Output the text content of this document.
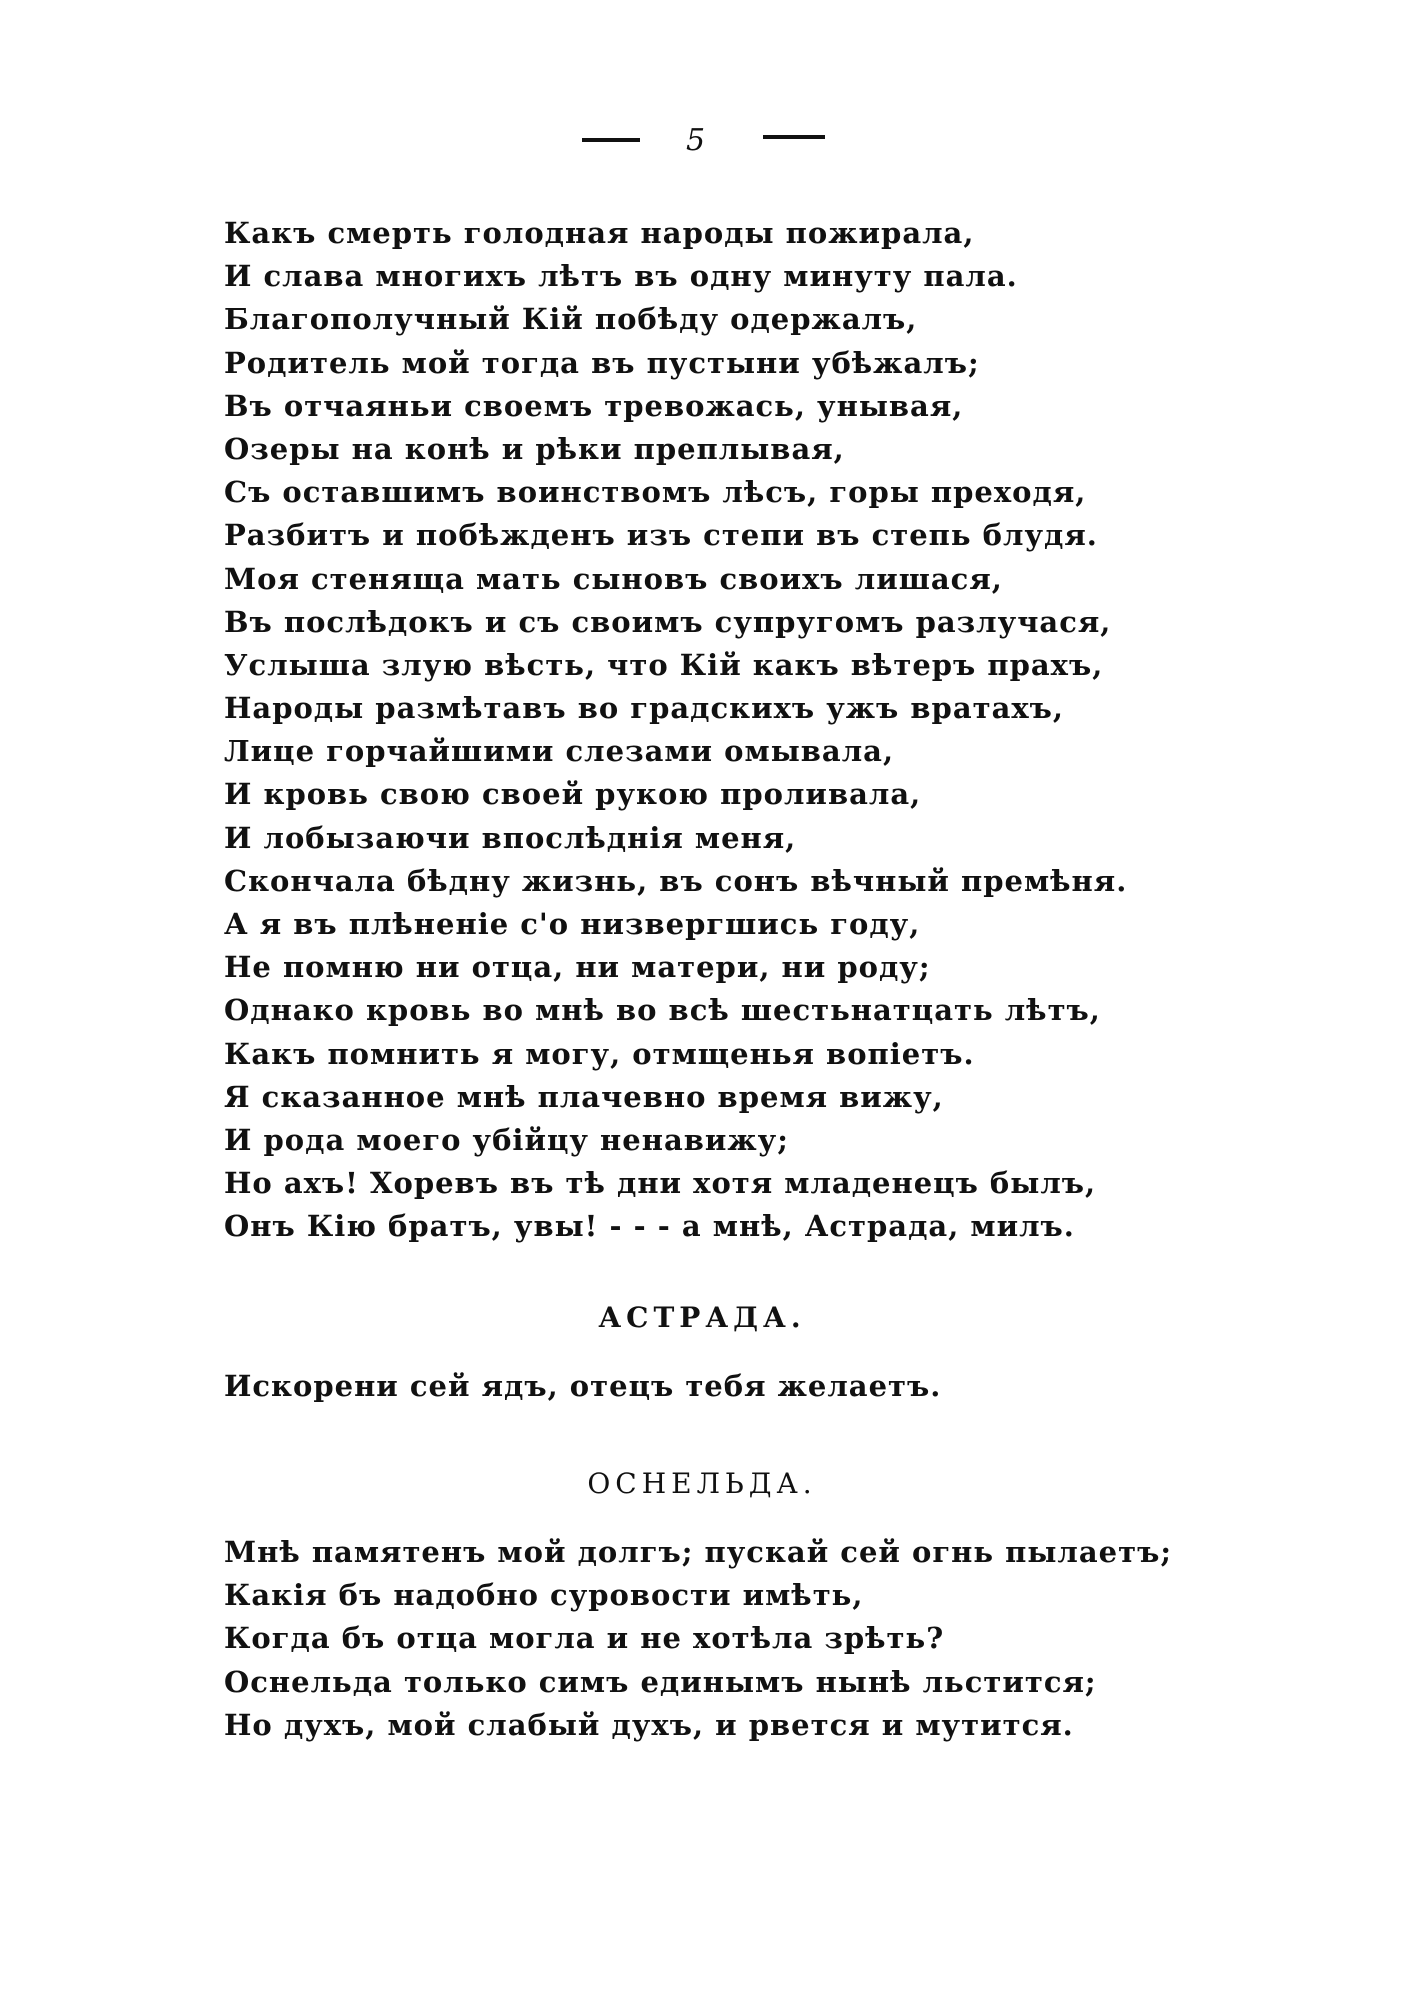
5
Какъ смерть голодная народы пожирала,
И слава многихъ лѣтъ въ одну минуту пала.
Благополучный Кій побѣду одержалъ,
Родитель мой тогда въ пустыни убѣжалъ;
Въ отчаяньи своемъ тревожась, унывая,
Озеры на конѣ и рѣки преплывая,
Съ оставшимъ воинствомъ лѣсъ, горы преходя,
Разбитъ и побѣжденъ изъ степи въ степь блудя.
Моя стеняща мать сыновъ своихъ лишася,
Въ послѣдокъ и съ своимъ супругомъ разлучася,
Услыша злую вѣсть, что Кій какъ вѣтеръ прахъ,
Народы размѣтавъ во градскихъ ужъ вратахъ,
Лице горчайшими слезами омывала,
И кровь свою своей рукою проливала,
И лобызаючи впослѣднія меня,
Скончала бѣдну жизнь, въ сонъ вѣчный премѣня.
А я въ плѣненіе с'о низвергшись году,
Не помню ни отца, ни матери, ни роду;
Однако кровь во мнѣ во всѣ шестьнатцать лѣтъ,
Какъ помнить я могу, отмщенья вопіетъ.
Я сказанное мнѣ плачевно время вижу,
И рода моего убійцу ненавижу;
Но ахъ! Хоревъ въ тѣ дни хотя младенецъ былъ,
Онъ Кію братъ, увы! - - - а мнѣ, Астрада, милъ.
АСТРАДА.
Искорени сей ядъ, отецъ тебя желаетъ.
ОСНЕЛЬДА.
Мнѣ памятенъ мой долгъ; пускай сей огнь пылаетъ;
Какія бъ надобно суровости имѣть,
Когда бъ отца могла и не хотѣла зрѣть?
Оснельда только симъ единымъ нынѣ льстится;
Но духъ, мой слабый духъ, и рвется и мутится.
